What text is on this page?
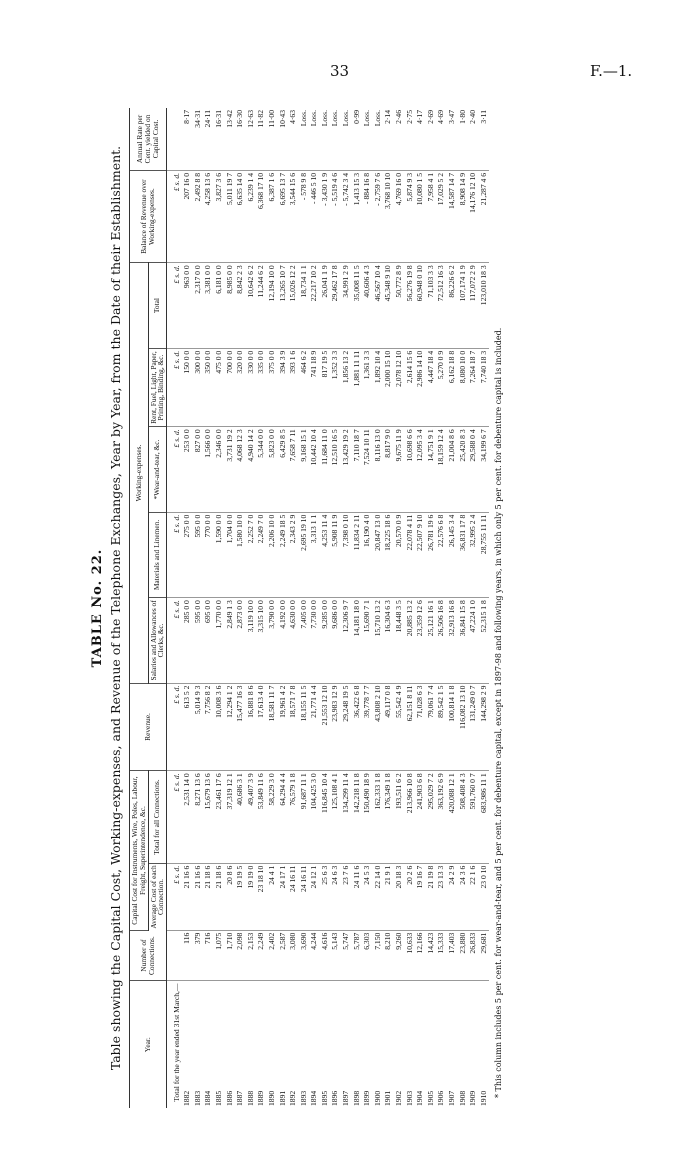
33	F.—1.
TABLE No. 22. Table showing the Capital Cost, Working-expenses, and Revenue of the Telephone Exchanges, Year by Year, from the Date of their Establishment.	Year.	Number of Connections.	Capital Cost for Instruments, Wire, Poles, Labour, Freight, Superintendence, &c.		Revenue.	Working-expenses.					Balance of Revenue over Working-expenses.	Annual Rate per Cent. yielded on Capital Cost.
		Average Cost of each Connection.	Total for all Connections.		Salaries and Allowances of Clerks, &c.	Materials and Linemen.	*Wear-and-tear, &c.	Rent, Fuel, Light, Paper, Printing, Binding, &c.	Total		
Total for the year ended 31st March,—		£ s. d.	£ s. d.	£ s. d.	£ s. d.	£ s. d.	£ s. d.	£ s. d.	£ s. d.	£ s. d.	
1882	116	21 16 6	2,531 14 0	613 5 2	285 0 0	275 0 0	253 0 0	150 0 0	963 0 0	207 16 0	8·17
1883	379	21 16 6	8,271 13 6	5,014 9 3	595 0 0	595 0 0	827 0 0	300 0 0	2,317 0 0	2,492 8 8	34·31
1884	716	21 18 6	15,679 13 6	7,756 8 2	695 0 0	770 0 0	1,566 0 0	350 0 0	3,381 0 0	4,258 13 6	24·11
1885	1,075	21 18 6	23,461 17 6	10,008 3 6	1,770 0 0	1,590 0 0	2,346 0 0	475 0 0	6,181 0 0	3,827 3 6	16·31
1886	1,710	20 8 6	37,319 12 1	12,294 1 2	2,849 1 3	1,704 0 0	3,731 19 2	700 0 0	8,985 0 0	5,011 19 7	13·42
1887	2,098	19 19 5	40,686 3 1	15,477 16 3	2,873 0 0	1,580 10 0	4,068 12 3	320 0 0	8,842 2 3	6,635 14 0	16·30
1888	2,153	19 19 0	49,407 3 9	16,881 8 6	3,119 10 0	2,252 7 0	4,940 14 2	330 0 0	10,642 6 2	6,239 1 4	12·63
1889	2,249	23 18 10	53,849 11 6	17,613 4 0	3,315 10 0	2,249 7 0	5,344 0 0	335 0 0	11,244 6 2	6,368 17 10	11·82
1890	2,402	24 4 1	58,229 3 0	18,581 11 7	3,790 0 0	2,206 10 0	5,823 0 0	375 0 0	12,194 10 0	6,387 1 6	11·00
1891	2,587	24 17 1	64,294 4 4	19,961 4 2	4,192 0 0	2,249 18 5	6,429 8 5	394 3 9	13,265 10 7	6,695 13 7	10·43
1892	3,080	24 16 11	76,579 1 8	18,571 7 8	4,630 0 0	2,343 2 9	7,658 7 11	393 1 6	15,026 12 2	3,544 15 6	4·63
1893	3,690	24 16 11	91,687 11 1	18,155 11 5	7,405 0 0	2,695 19 10	9,168 15 1	464 6 2	18,734 1 1	- 578 9 8	Loss.
1894	4,244	24 12 1	104,425 3 0	21,771 4 4	7,730 0 0	3,313 1 1	10,442 10 4	741 18 9	22,217 10 2	- 446 5 10	Loss.
1895	4,616	25 6 3	116,845 10 4	21,553 12 10	9,285 0 0	4,253 11 4	11,684 11 0	817 19 5	26,041 1 9	- 3,430 1 9	Loss.
1896	5,143	24 6 3	125,108 4 1	23,983 12 9	9,686 0 0	5,908 11 9	12,510 16 5	1,352 3 3	29,462 17 8	- 5,519 4 6	Loss.
1897	5,747	23 7 6	134,299 11 4	29,248 19 5	12,306 9 7	7,398 0 10	13,429 19 2	1,856 13 2	34,991 2 9	- 5,742 3 4	Loss.
1898	5,787	24 11 6	142,218 11 8	36,422 6 8	14,181 18 0	11,834 2 11	7,110 18 7	1,881 11 11	35,008 11 5	1,413 15 3	0·99
1899	6,303	24 5 3	150,490 18 9	39,778 7 7	15,690 7 1	16,190 4 0	7,524 10 11	1,361 3 3	40,606 4 3	- 884 16 8	Loss.
1900	7,150	22 14 0	162,333 1 8	43,808 2 10	15,710 13 2	20,847 13 0	8,116 13 0	1,892 10 4	46,567 10 4	- 2,759 7 6	Loss.
1901	8,210	21 9 1	176,349 1 8	49,117 0 8	16,304 6 3	18,225 18 6	8,817 9 0	2,000 15 10	45,348 9 10	3,768 10 10	2·14
1902	9,260	20 18 3	193,511 6 2	55,542 4 9	18,448 3 5	20,570 0 9	9,675 11 9	2,078 12 10	50,772 8 9	4,769 16 0	2·46
1903	10,633	20 2 6	213,966 10 8	62,151 8 11	20,885 13 2	22,078 4 11	10,698 6 6	2,614 15 6	56,276 19 8	5,874 9 3	2·75
1904	12,166	19 16 7	241,903 6 8	71,028 6 3	23,359 12 6	22,507 9 10	12,095 3 4	2,986 14 10	60,948 0 10	10,080 1 5	4·17
1905	14,423	21 19 8	295,029 7 2	79,061 7 4	25,121 16 1	26,781 19 6	14,751 9 1	4,447 18 4	71,103 3 3	7,958 4 1	2·69
1906	15,333	23 13 3	363,192 6 9	89,542 1 5	26,506 16 8	22,576 6 8	18,159 12 4	5,270 0 9	72,512 16 3	17,029 5 2	4·69
1907	17,403	24 2 9	420,088 12 1	100,814 1 8	32,913 16 8	26,145 3 4	21,004 8 6	6,162 18 8	86,226 6 2	14,587 14 7	3·47
1908	23,880	24 3 6	508,408 4 3	116,082 13 10	36,841 15 8	36,831 17 8	25,420 8 3	8,080 10 0	107,174 1 9	8,908 14 9	1·80
1909	26,833	22 1 6	591,760 0 7	131,249 0 7	47,224 1 0	32,995 2 4	29,588 0 4	7,264 18 7	117,072 2 9	14,176 12 10	2·40
1910	29,681	23 0 10	683,986 11 1	144,298 2 9	52,315 1 8	28,755 11 11	34,199 6 7	7,740 18 3	123,010 18 3	21,287 4 6	3·11
* This column includes 5 per cent. for wear-and-tear, and 5 per cent. for debenture capital, except in 1897-98 and following years, in which only 5 per cent. for debenture capital is included.
